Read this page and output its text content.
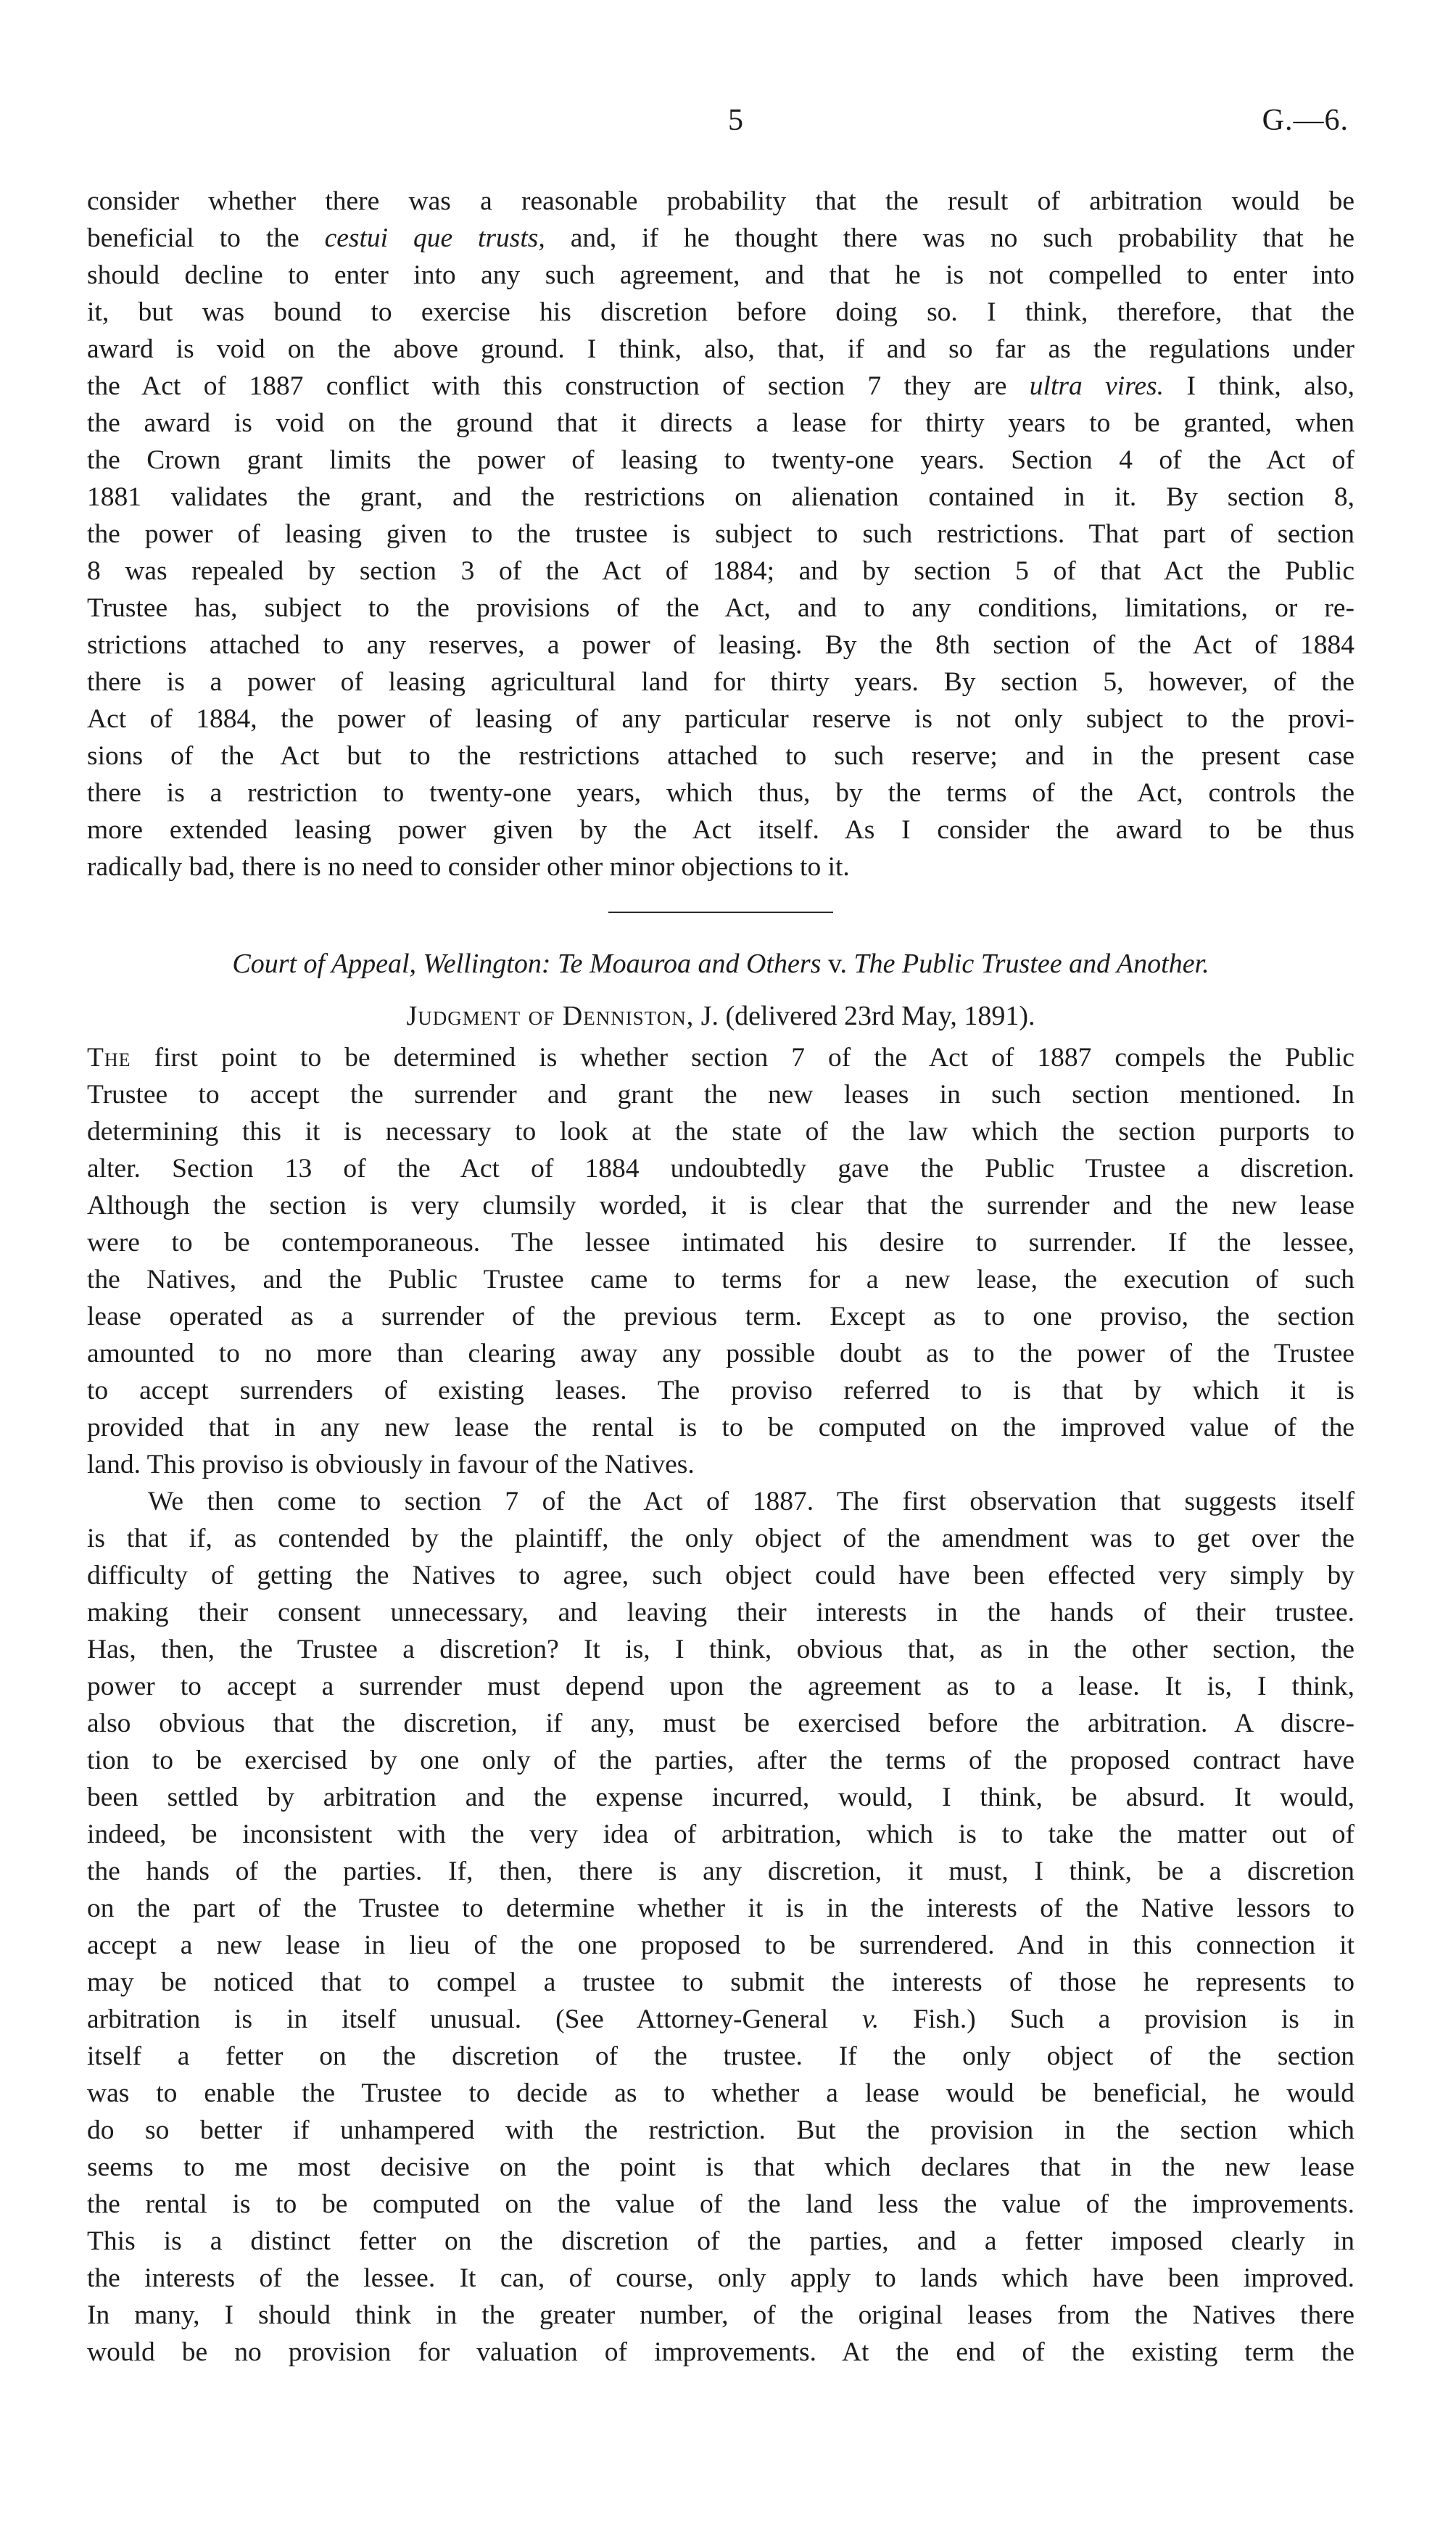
5	G.—6.
consider whether there was a reasonable probability that the result of arbitration would be
beneficial to the cestui que trusts, and, if he thought there was no such probability that he
should decline to enter into any such agreement, and that he is not compelled to enter into
it, but was bound to exercise his discretion before doing so. I think, therefore, that the
award is void on the above ground. I think, also, that, if and so far as the regulations under
the Act of 1887 conflict with this construction of section 7 they are ultra vires. I think, also,
the award is void on the ground that it directs a lease for thirty years to be granted, when
the Crown grant limits the power of leasing to twenty-one years. Section 4 of the Act of
1881 validates the grant, and the restrictions on alienation contained in it. By section 8,
the power of leasing given to the trustee is subject to such restrictions. That part of section
8 was repealed by section 3 of the Act of 1884; and by section 5 of that Act the Public
Trustee has, subject to the provisions of the Act, and to any conditions, limitations, or re-
strictions attached to any reserves, a power of leasing. By the 8th section of the Act of 1884
there is a power of leasing agricultural land for thirty years. By section 5, however, of the
Act of 1884, the power of leasing of any particular reserve is not only subject to the provi-
sions of the Act but to the restrictions attached to such reserve; and in the present case
there is a restriction to twenty-one years, which thus, by the terms of the Act, controls the
more extended leasing power given by the Act itself. As I consider the award to be thus
radically bad, there is no need to consider other minor objections to it.
Court of Appeal, Wellington: Te Moauroa and Others v. The Public Trustee and Another.
Judgment of Denniston, J. (delivered 23rd May, 1891).
The first point to be determined is whether section 7 of the Act of 1887 compels the Public
Trustee to accept the surrender and grant the new leases in such section mentioned. In
determining this it is necessary to look at the state of the law which the section purports to
alter. Section 13 of the Act of 1884 undoubtedly gave the Public Trustee a discretion.
Although the section is very clumsily worded, it is clear that the surrender and the new lease
were to be contemporaneous. The lessee intimated his desire to surrender. If the lessee,
the Natives, and the Public Trustee came to terms for a new lease, the execution of such
lease operated as a surrender of the previous term. Except as to one proviso, the section
amounted to no more than clearing away any possible doubt as to the power of the Trustee
to accept surrenders of existing leases. The proviso referred to is that by which it is
provided that in any new lease the rental is to be computed on the improved value of the
land. This proviso is obviously in favour of the Natives.
We then come to section 7 of the Act of 1887. The first observation that suggests itself
is that if, as contended by the plaintiff, the only object of the amendment was to get over the
difficulty of getting the Natives to agree, such object could have been effected very simply by
making their consent unnecessary, and leaving their interests in the hands of their trustee.
Has, then, the Trustee a discretion? It is, I think, obvious that, as in the other section, the
power to accept a surrender must depend upon the agreement as to a lease. It is, I think,
also obvious that the discretion, if any, must be exercised before the arbitration. A discre-
tion to be exercised by one only of the parties, after the terms of the proposed contract have
been settled by arbitration and the expense incurred, would, I think, be absurd. It would,
indeed, be inconsistent with the very idea of arbitration, which is to take the matter out of
the hands of the parties. If, then, there is any discretion, it must, I think, be a discretion
on the part of the Trustee to determine whether it is in the interests of the Native lessors to
accept a new lease in lieu of the one proposed to be surrendered. And in this connection it
may be noticed that to compel a trustee to submit the interests of those he represents to
arbitration is in itself unusual. (See Attorney-General v. Fish.) Such a provision is in
itself a fetter on the discretion of the trustee. If the only object of the section
was to enable the Trustee to decide as to whether a lease would be beneficial, he would
do so better if unhampered with the restriction. But the provision in the section which
seems to me most decisive on the point is that which declares that in the new lease
the rental is to be computed on the value of the land less the value of the improvements.
This is a distinct fetter on the discretion of the parties, and a fetter imposed clearly in
the interests of the lessee. It can, of course, only apply to lands which have been improved.
In many, I should think in the greater number, of the original leases from the Natives there
would be no provision for valuation of improvements. At the end of the existing term the
